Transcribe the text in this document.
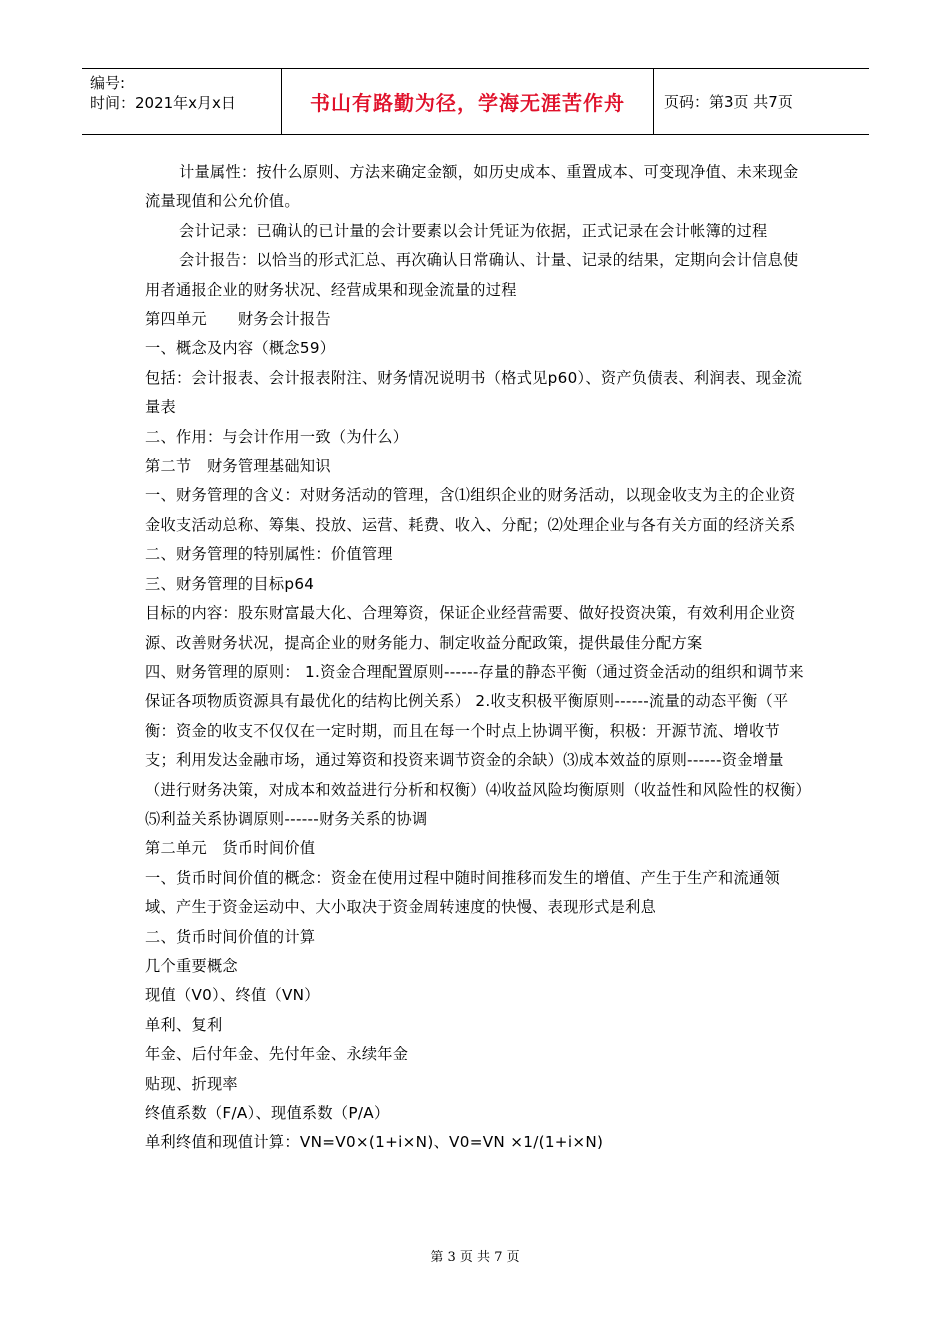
编号:
时间：2021年x月x日	书山有路勤为径，学海无涯苦作舟	页码：第3页 共7页

计量属性：按什么原则、方法来确定金额，如历史成本、重置成本、可变现净值、未来现金流量现值和公允价值。

会计记录：已确认的已计量的会计要素以会计凭证为依据，正式记录在会计帐簿的过程

会计报告：以恰当的形式汇总、再次确认日常确认、计量、记录的结果，定期向会计信息使用者通报企业的财务状况、经营成果和现金流量的过程

第四单元　　财务会计报告

一、概念及内容（概念59）

包括：会计报表、会计报表附注、财务情况说明书（格式见p60）、资产负债表、利润表、现金流量表

二、作用：与会计作用一致（为什么）

第二节　财务管理基础知识

一、财务管理的含义：对财务活动的管理，含⑴组织企业的财务活动，以现金收支为主的企业资金收支活动总称、筹集、投放、运营、耗费、收入、分配；⑵处理企业与各有关方面的经济关系

二、财务管理的特别属性：价值管理

三、财务管理的目标p64

目标的内容：股东财富最大化、合理筹资，保证企业经营需要、做好投资决策，有效利用企业资源、改善财务状况，提高企业的财务能力、制定收益分配政策，提供最佳分配方案

四、财务管理的原则： 1.资金合理配置原则------存量的静态平衡（通过资金活动的组织和调节来保证各项物质资源具有最优化的结构比例关系） 2.收支积极平衡原则------流量的动态平衡（平衡：资金的收支不仅仅在一定时期，而且在每一个时点上协调平衡，积极：开源节流、增收节支；利用发达金融市场，通过筹资和投资来调节资金的余缺）⑶成本效益的原则------资金增量（进行财务决策，对成本和效益进行分析和权衡）⑷收益风险均衡原则（收益性和风险性的权衡）⑸利益关系协调原则------财务关系的协调

第二单元　货币时间价值

一、货币时间价值的概念：资金在使用过程中随时间推移而发生的增值、产生于生产和流通领域、产生于资金运动中、大小取决于资金周转速度的快慢、表现形式是利息

二、货币时间价值的计算

几个重要概念

现值（V0）、终值（VN）

单利、复利

年金、后付年金、先付年金、永续年金

贴现、折现率

终值系数（F/A）、现值系数（P/A）

单利终值和现值计算：VN=V0×(1+i×N)、V0=VN ×1/(1+i×N)

第 3 页 共 7 页
